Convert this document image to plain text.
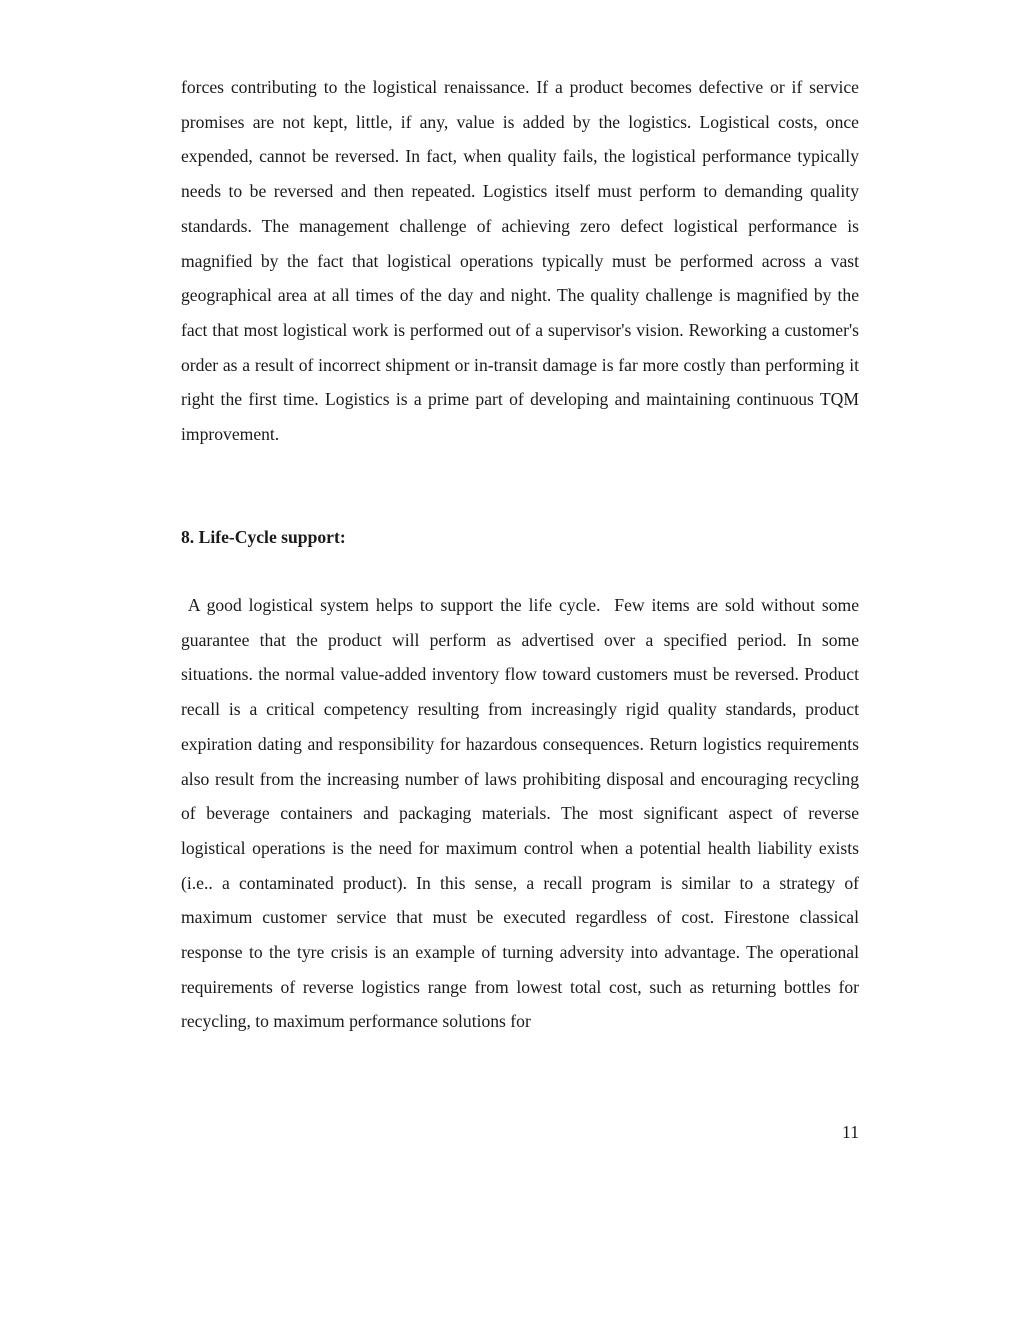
forces contributing to the logistical renaissance. If a product becomes defective or if service promises are not kept, little, if any, value is added by the logistics. Logistical costs, once expended, cannot be reversed. In fact, when quality fails, the logistical performance typically needs to be reversed and then repeated. Logistics itself must perform to demanding quality standards. The management challenge of achieving zero defect logistical performance is magnified by the fact that logistical operations typically must be performed across a vast geographical area at all times of the day and night. The quality challenge is magnified by the fact that most logistical work is performed out of a supervisor's vision. Reworking a customer's order as a result of incorrect shipment or in-transit damage is far more costly than performing it right the first time. Logistics is a prime part of developing and maintaining continuous TQM improvement.

8. Life-Cycle support:

A good logistical system helps to support the life cycle.  Few items are sold without some guarantee that the product will perform as advertised over a specified period. In some situations. the normal value-added inventory flow toward customers must be reversed. Product recall is a critical competency resulting from increasingly rigid quality standards, product expiration dating and responsibility for hazardous consequences. Return logistics requirements also result from the increasing number of laws prohibiting disposal and encouraging recycling of beverage containers and packaging materials. The most significant aspect of reverse logistical operations is the need for maximum control when a potential health liability exists (i.e.. a contaminated product). In this sense, a recall program is similar to a strategy of maximum customer service that must be executed regardless of cost. Firestone classical response to the tyre crisis is an example of turning adversity into advantage. The operational requirements of reverse logistics range from lowest total cost, such as returning bottles for recycling, to maximum performance solutions for

11
